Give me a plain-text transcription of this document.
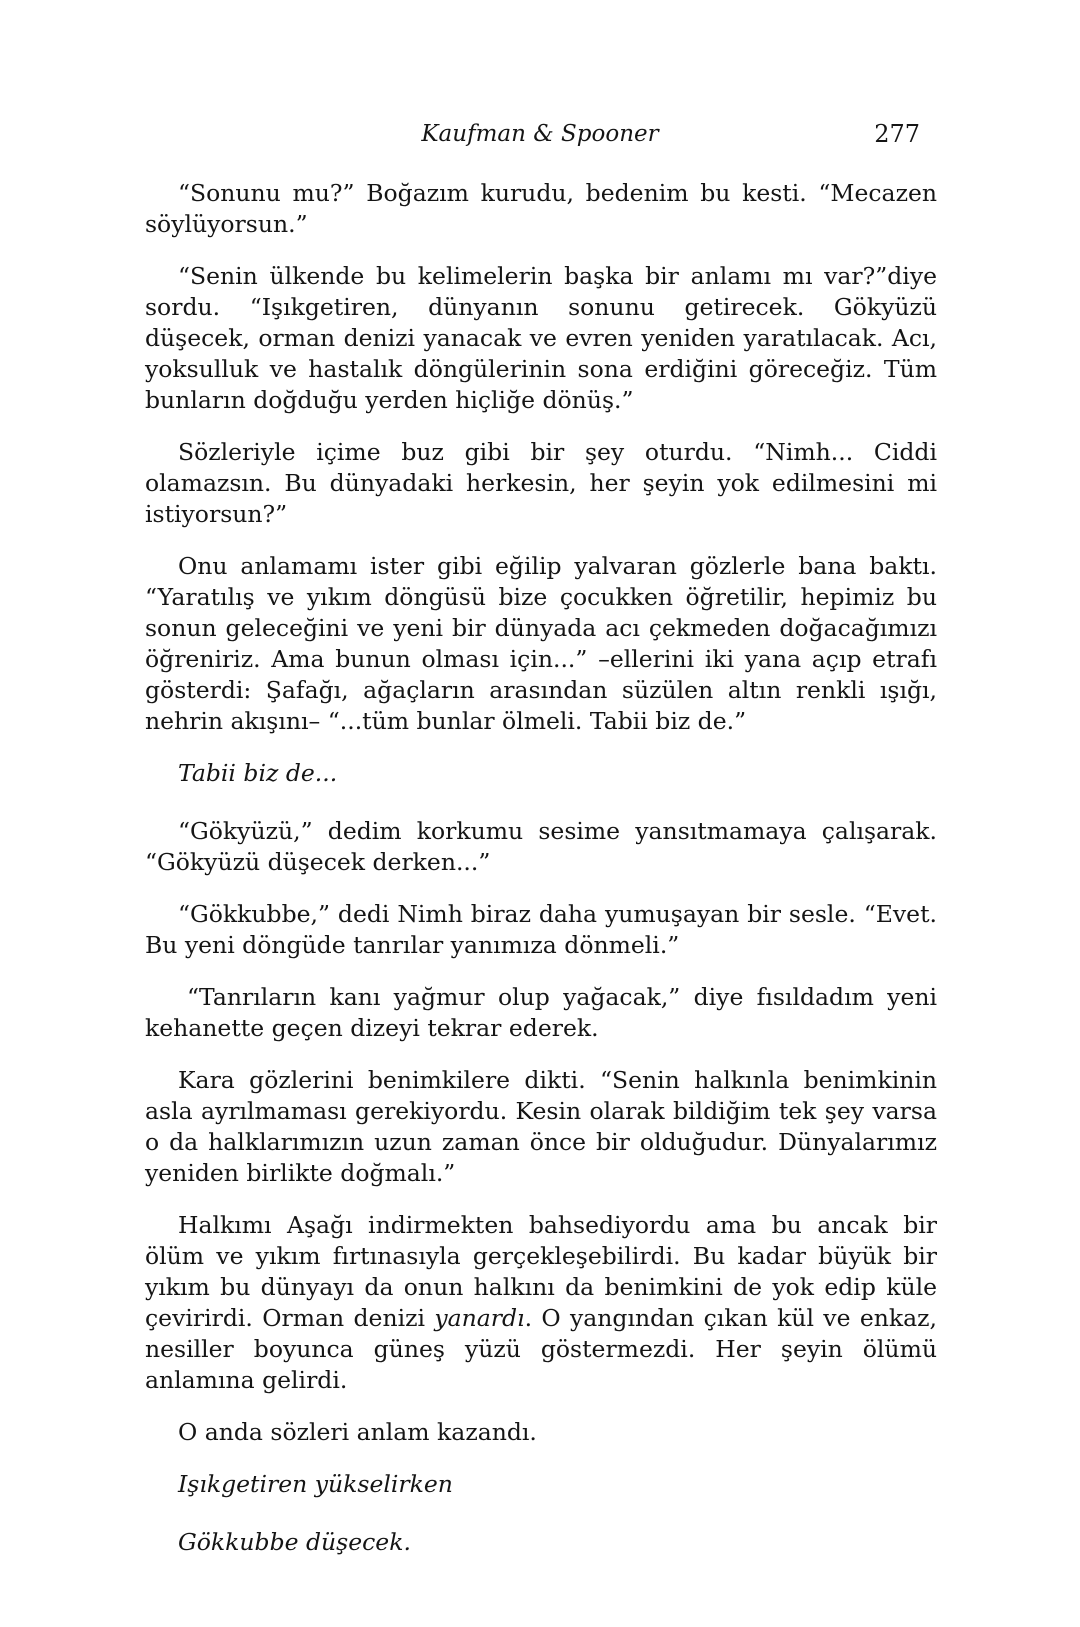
Kaufman & Spooner	277

“Sonunu mu?” Boğazım kurudu, bedenim bu kesti. “Mecazen söylüyorsun.”

“Senin ülkende bu kelimelerin başka bir anlamı mı var?”diye sordu. “Işıkgetiren, dünyanın sonunu getirecek. Gökyüzü düşecek, orman denizi yanacak ve evren yeniden yaratılacak. Acı, yoksulluk ve hastalık döngülerinin sona erdiğini göreceğiz. Tüm bunların doğduğu yerden hiçliğe dönüş.”

Sözleriyle içime buz gibi bir şey oturdu. “Nimh... Ciddi olamazsın. Bu dünyadaki herkesin, her şeyin yok edilmesini mi istiyorsun?”

Onu anlamamı ister gibi eğilip yalvaran gözlerle bana baktı. “Yaratılış ve yıkım döngüsü bize çocukken öğretilir, hepimiz bu sonun geleceğini ve yeni bir dünyada acı çekmeden doğacağımızı öğreniriz. Ama bunun olması için...” –ellerini iki yana açıp etrafı gösterdi: Şafağı, ağaçların arasından süzülen altın renkli ışığı, nehrin akışını– “...tüm bunlar ölmeli. Tabii biz de.”

Tabii biz de...

“Gökyüzü,” dedim korkumu sesime yansıtmamaya çalışarak. “Gökyüzü düşecek derken...”

“Gökkubbe,” dedi Nimh biraz daha yumuşayan bir sesle. “Evet. Bu yeni döngüde tanrılar yanımıza dönmeli.”

“Tanrıların kanı yağmur olup yağacak,” diye fısıldadım yeni kehanette geçen dizeyi tekrar ederek.

Kara gözlerini benimkilere dikti. “Senin halkınla benimkinin asla ayrılmaması gerekiyordu. Kesin olarak bildiğim tek şey varsa o da halklarımızın uzun zaman önce bir olduğudur. Dünyalarımız yeniden birlikte doğmalı.”

Halkımı Aşağı indirmekten bahsediyordu ama bu ancak bir ölüm ve yıkım fırtınasıyla gerçekleşebilirdi. Bu kadar büyük bir yıkım bu dünyayı da onun halkını da benimkini de yok edip küle çevirirdi. Orman denizi yanardı. O yangından çıkan kül ve enkaz, nesiller boyunca güneş yüzü göstermezdi. Her şeyin ölümü anlamına gelirdi.

O anda sözleri anlam kazandı.

Işıkgetiren yükselirken

Gökkubbe düşecek.
